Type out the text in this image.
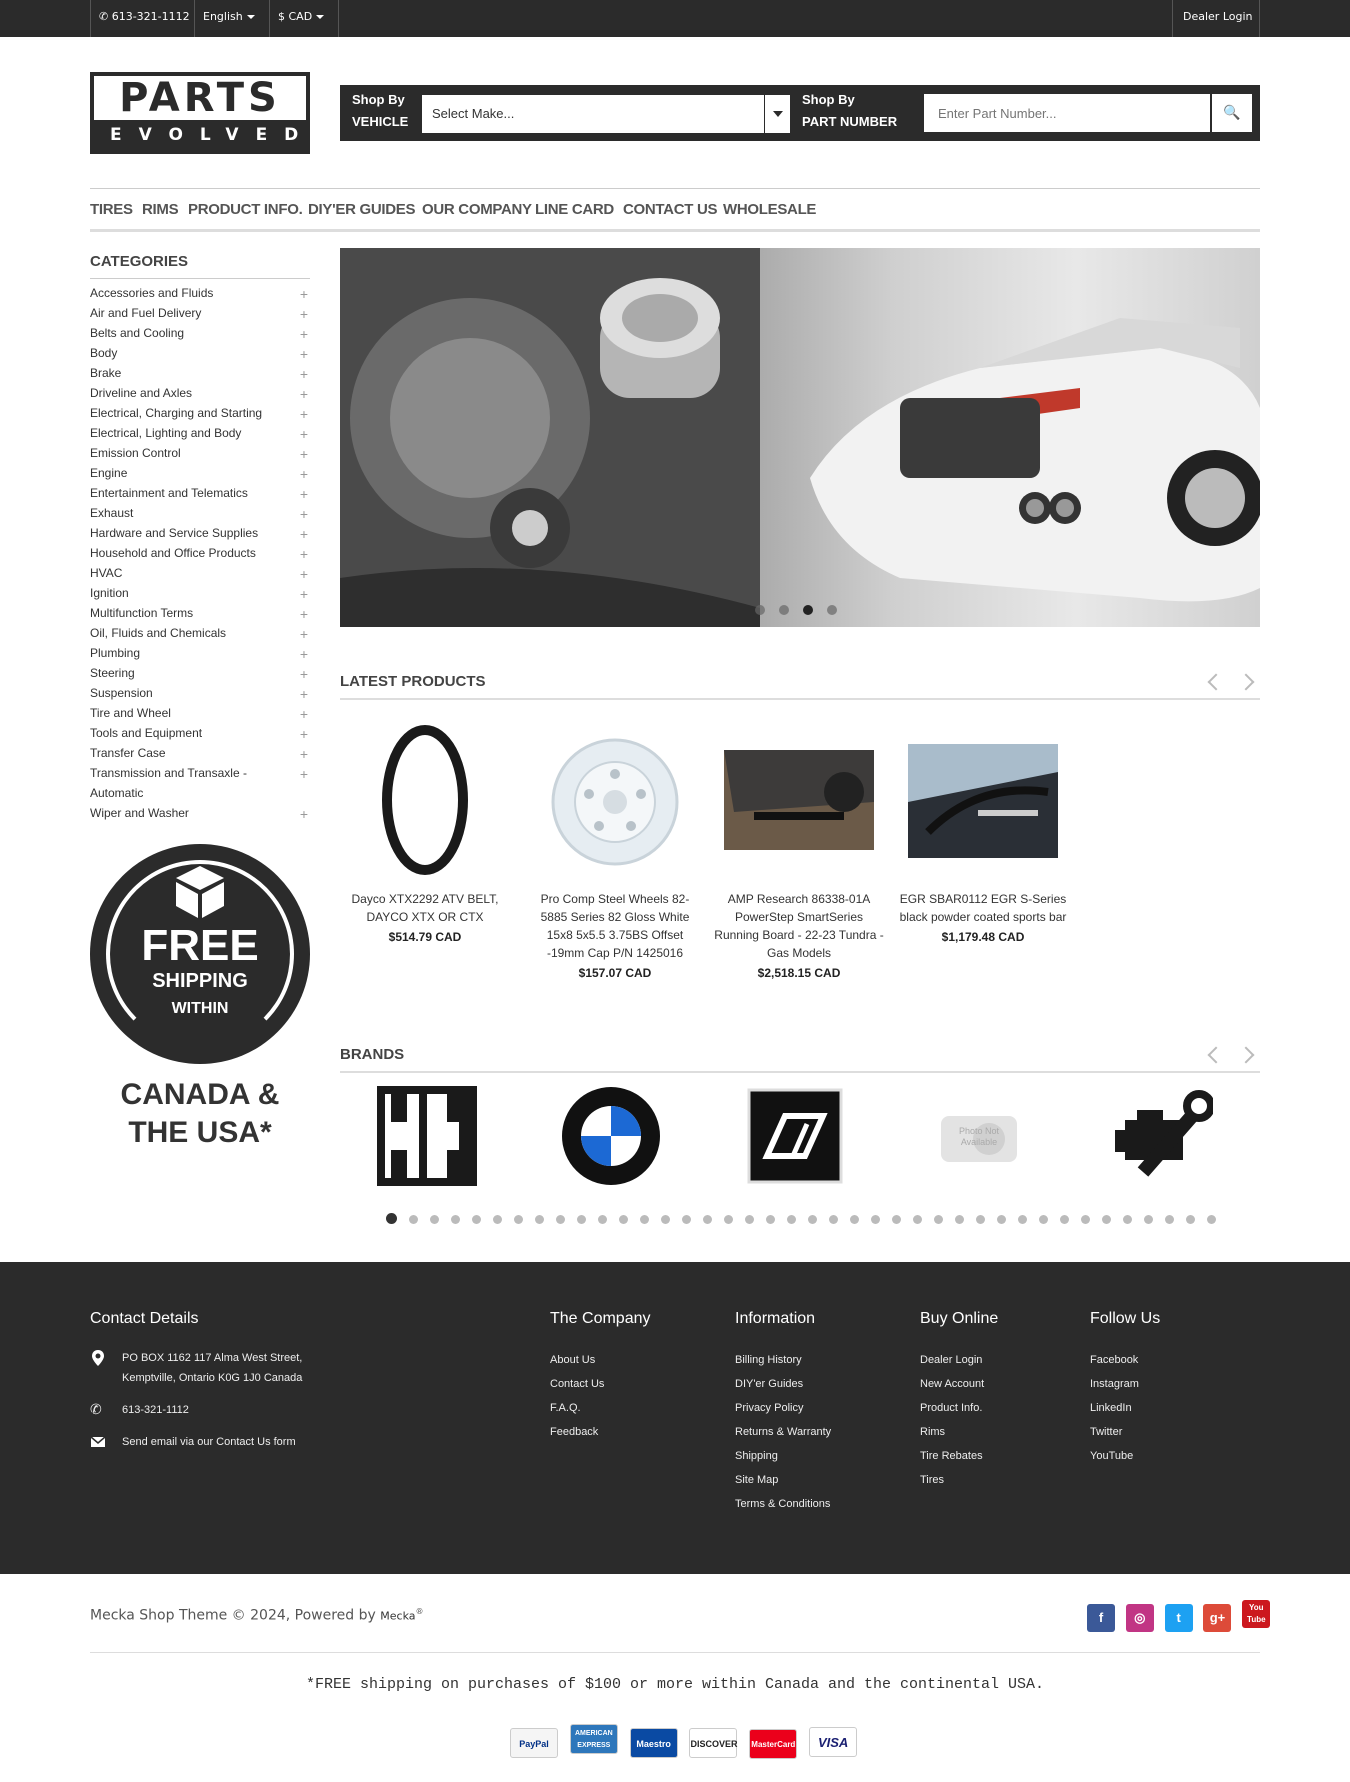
✆ 613-321-1112	English	$ CAD	Dealer Login
PARTS
EVOLVED
Shop By
VEHICLE
Select Make...
Shop By
PART NUMBER
Enter Part Number...
🔍
TIRES RIMS PRODUCT INFO. DIY'ER GUIDES OUR COMPANY LINE CARD CONTACT US WHOLESALE
CATEGORIES
Accessories and Fluids	+
Air and Fuel Delivery	+
Belts and Cooling	+
Body	+
Brake	+
Driveline and Axles	+
Electrical, Charging and Starting	+
Electrical, Lighting and Body	+
Emission Control	+
Engine	+
Entertainment and Telematics	+
Exhaust	+
Hardware and Service Supplies	+
Household and Office Products	+
HVAC	+
Ignition	+
Multifunction Terms	+
Oil, Fluids and Chemicals	+
Plumbing	+
Steering	+
Suspension	+
Tire and Wheel	+
Tools and Equipment	+
Transfer Case	+
Transmission and Transaxle - Automatic
+
Wiper and Washer	+
FREE
SHIPPING
WITHIN
CANADA &
THE USA*
LATEST PRODUCTS
Dayco XTX2292 ATV BELT, DAYCO XTX OR CTX
$514.79 CAD
Pro Comp Steel Wheels 82-5885 Series 82 Gloss White 15x8 5x5.5 3.75BS Offset -19mm Cap P/N 1425016
$157.07 CAD
AMP Research 86338-01A PowerStep SmartSeries Running Board - 22-23 Tundra - Gas Models
$2,518.15 CAD
EGR SBAR0112 EGR S-Series black powder coated sports bar
$1,179.48 CAD
BRANDS
Photo Not
Available
Contact Details
PO BOX 1162 117 Alma West Street,
Kemptville, Ontario K0G 1J0 Canada
✆	613-321-1112
Send email via our Contact Us form
The Company
About Us
Contact Us
F.A.Q.
Feedback
Information
Billing History
DIY'er Guides
Privacy Policy
Returns & Warranty
Shipping
Site Map
Terms & Conditions
Buy Online
Dealer Login
New Account
Product Info.
Rims
Tire Rebates
Tires
Follow Us
Facebook
Instagram
LinkedIn
Twitter
YouTube
Mecka Shop Theme © 2024, Powered by Mecka®	f ◎ t g+ You Tube
*FREE shipping on purchases of $100 or more within Canada and the continental USA.
PayPal AMERICAN EXPRESS	Maestro DISCOVER MasterCard VISA
